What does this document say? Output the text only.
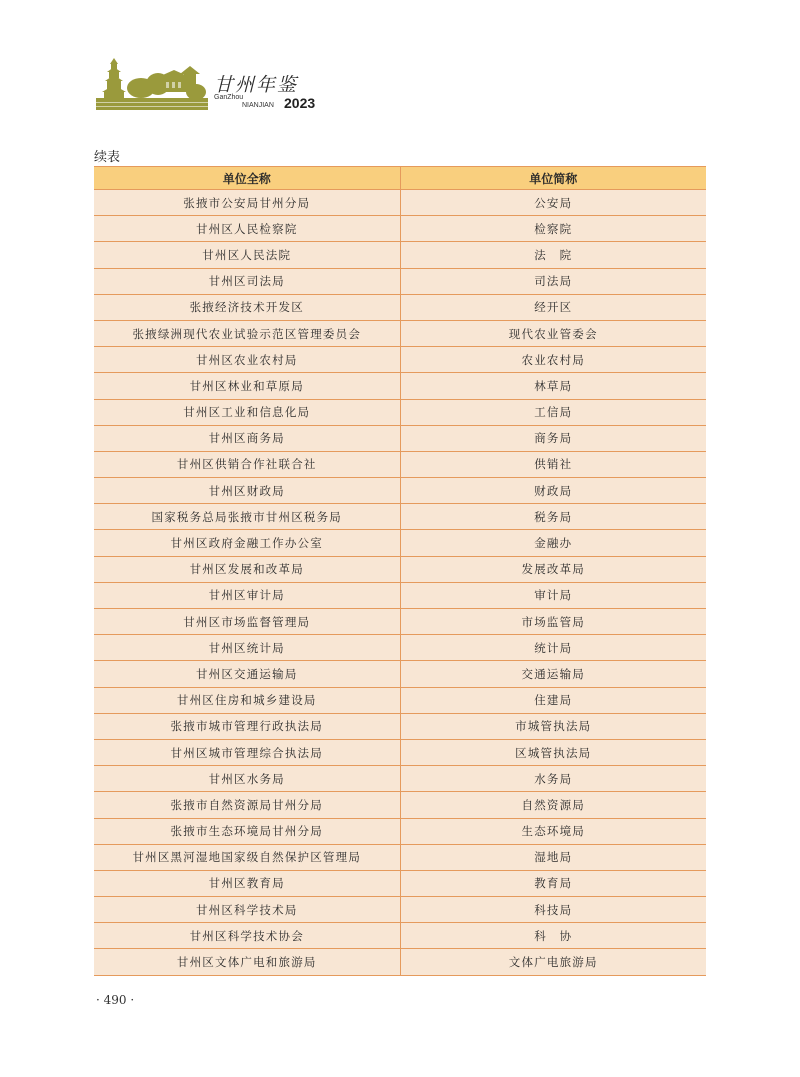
甘州年鉴
GanZhou
NIANJIAN 2023
续表
单位全称	单位简称
张掖市公安局甘州分局	公安局
甘州区人民检察院	检察院
甘州区人民法院	法　院
甘州区司法局	司法局
张掖经济技术开发区	经开区
张掖绿洲现代农业试验示范区管理委员会	现代农业管委会
甘州区农业农村局	农业农村局
甘州区林业和草原局	林草局
甘州区工业和信息化局	工信局
甘州区商务局	商务局
甘州区供销合作社联合社	供销社
甘州区财政局	财政局
国家税务总局张掖市甘州区税务局	税务局
甘州区政府金融工作办公室	金融办
甘州区发展和改革局	发展改革局
甘州区审计局	审计局
甘州区市场监督管理局	市场监管局
甘州区统计局	统计局
甘州区交通运输局	交通运输局
甘州区住房和城乡建设局	住建局
张掖市城市管理行政执法局	市城管执法局
甘州区城市管理综合执法局	区城管执法局
甘州区水务局	水务局
张掖市自然资源局甘州分局	自然资源局
张掖市生态环境局甘州分局	生态环境局
甘州区黑河湿地国家级自然保护区管理局	湿地局
甘州区教育局	教育局
甘州区科学技术局	科技局
甘州区科学技术协会	科　协
甘州区文体广电和旅游局	文体广电旅游局
· 490 ·
